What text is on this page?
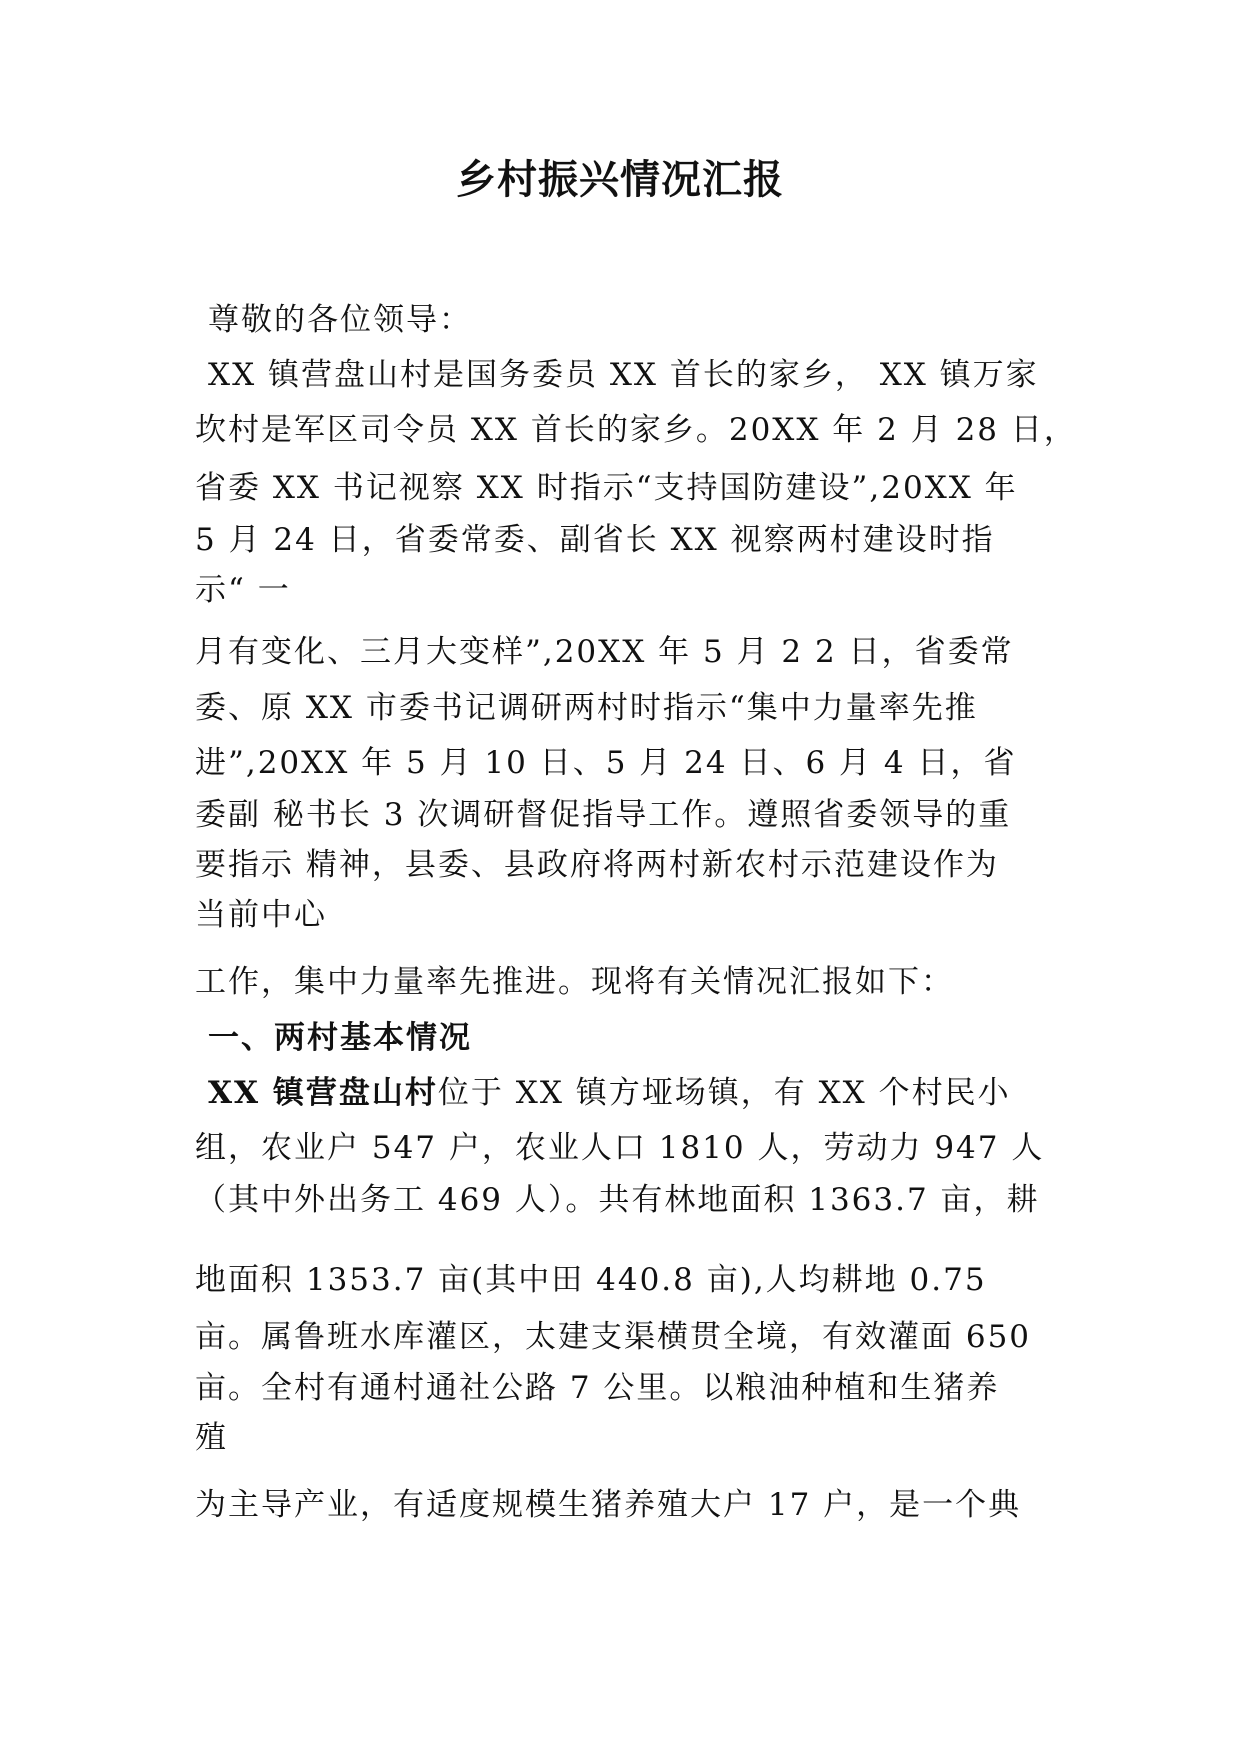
乡村振兴情况汇报
尊敬的各位领导：
XX 镇营盘山村是国务委员 XX 首长的家乡， XX 镇万家
坎村是军区司令员 XX 首长的家乡。20XX 年 2 月 28 日，
省委 XX 书记视察 XX 时指示“支持国防建设”,20XX 年
5 月 24 日，省委常委、副省长 XX 视察两村建设时指
示“ 一
月有变化、三月大变样”,20XX 年 5 月 2 2 日，省委常
委、原 XX 市委书记调研两村时指示“集中力量率先推
进”,20XX 年 5 月 10 日、5 月 24 日、6 月 4 日，省
委副 秘书长 3 次调研督促指导工作。遵照省委领导的重
要指示 精神，县委、县政府将两村新农村示范建设作为
当前中心
工作，集中力量率先推进。现将有关情况汇报如下：
一、两村基本情况
XX 镇营盘山村位于 XX 镇方垭场镇，有 XX 个村民小
组，农业户 547 户，农业人口 1810 人，劳动力 947 人
（其中外出务工 469 人）。共有林地面积 1363.7 亩，耕
地面积 1353.7 亩(其中田 440.8 亩),人均耕地 0.75
亩。属鲁班水库灌区，太建支渠横贯全境，有效灌面 650
亩。全村有通村通社公路 7 公里。以粮油种植和生猪养
殖
为主导产业，有适度规模生猪养殖大户 17 户，是一个典
